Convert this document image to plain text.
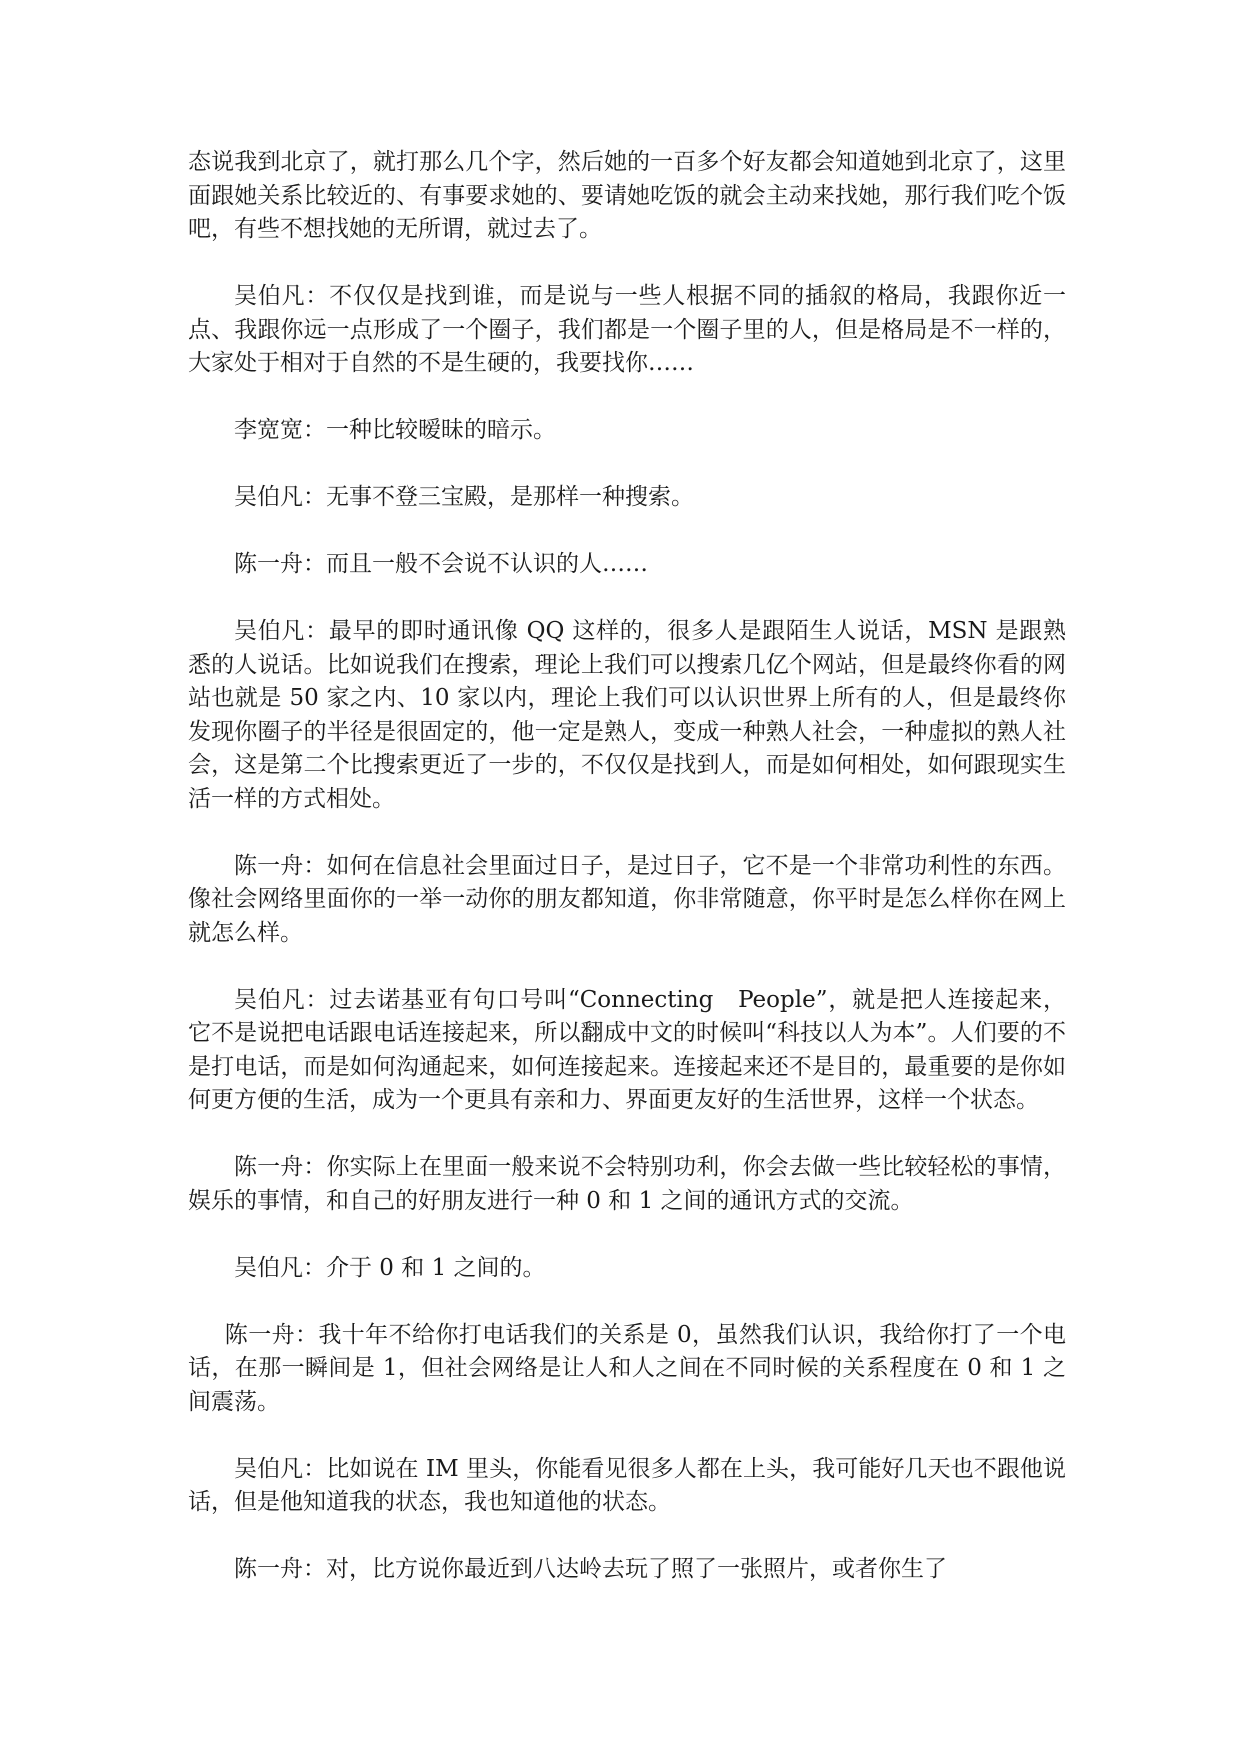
态说我到北京了，就打那么几个字，然后她的一百多个好友都会知道她到北京了，这里面跟她关系比较近的、有事要求她的、要请她吃饭的就会主动来找她，那行我们吃个饭吧，有些不想找她的无所谓，就过去了。

吴伯凡：不仅仅是找到谁，而是说与一些人根据不同的插叙的格局，我跟你近一点、我跟你远一点形成了一个圈子，我们都是一个圈子里的人，但是格局是不一样的，大家处于相对于自然的不是生硬的，我要找你……

李宽宽：一种比较暧昧的暗示。

吴伯凡：无事不登三宝殿，是那样一种搜索。

陈一舟：而且一般不会说不认识的人……

吴伯凡：最早的即时通讯像 QQ 这样的，很多人是跟陌生人说话，MSN 是跟熟悉的人说话。比如说我们在搜索，理论上我们可以搜索几亿个网站，但是最终你看的网站也就是 50 家之内、10 家以内，理论上我们可以认识世界上所有的人，但是最终你发现你圈子的半径是很固定的，他一定是熟人，变成一种熟人社会，一种虚拟的熟人社会，这是第二个比搜索更近了一步的，不仅仅是找到人，而是如何相处，如何跟现实生活一样的方式相处。

陈一舟：如何在信息社会里面过日子，是过日子，它不是一个非常功利性的东西。像社会网络里面你的一举一动你的朋友都知道，你非常随意，你平时是怎么样你在网上就怎么样。

吴伯凡：过去诺基亚有句口号叫“Connecting　People”，就是把人连接起来，它不是说把电话跟电话连接起来，所以翻成中文的时候叫“科技以人为本”。人们要的不是打电话，而是如何沟通起来，如何连接起来。连接起来还不是目的，最重要的是你如何更方便的生活，成为一个更具有亲和力、界面更友好的生活世界，这样一个状态。

陈一舟：你实际上在里面一般来说不会特别功利，你会去做一些比较轻松的事情，娱乐的事情，和自己的好朋友进行一种 0 和 1 之间的通讯方式的交流。

吴伯凡：介于 0 和 1 之间的。

陈一舟：我十年不给你打电话我们的关系是 0，虽然我们认识，我给你打了一个电话，在那一瞬间是 1，但社会网络是让人和人之间在不同时候的关系程度在 0 和 1 之间震荡。

吴伯凡：比如说在 IM 里头，你能看见很多人都在上头，我可能好几天也不跟他说话，但是他知道我的状态，我也知道他的状态。

陈一舟：对，比方说你最近到八达岭去玩了照了一张照片，或者你生了
